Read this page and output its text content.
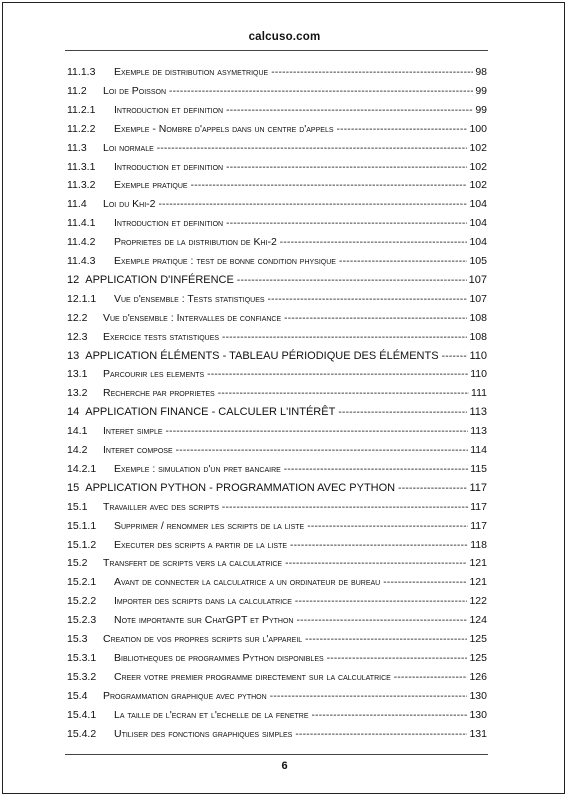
calcuso.com
11.1.3	Exemple de distribution asymetrique -----	98
11.2	Loi de Poisson -----	99
11.2.1	Introduction et definition -----	99
11.2.2	Exemple - Nombre d'appels dans un centre d'appels -----	100
11.3	Loi normale -----	102
11.3.1	Introduction et definition -----	102
11.3.2	Exemple pratique -----	102
11.4	Loi du Khi-2 -----	104
11.4.1	Introduction et definition -----	104
11.4.2	Proprietes de la distribution de Khi-2 -----	104
11.4.3	Exemple pratique : test de bonne condition physique -----	105
12 APPLICATION D'INFÉRENCE -----	107
12.1.1	Vue d'ensemble : Tests statistiques -----	107
12.2	Vue d'ensemble : Intervalles de confiance -----	108
12.3	Exercice tests statistiques -----	108
13 APPLICATION ÉLÉMENTS - TABLEAU PÉRIODIQUE DES ÉLÉMENTS -----	110
13.1	Parcourir les elements -----	110
13.2	Recherche par proprietes -----	111
14 APPLICATION FINANCE - CALCULER L'INTÉRÊT -----	113
14.1	Interet simple -----	113
14.2	Interet compose -----	114
14.2.1	Exemple : simulation d'un pret bancaire -----	115
15 APPLICATION PYTHON - PROGRAMMATION AVEC PYTHON -----	117
15.1	Travailler avec des scripts -----	117
15.1.1	Supprimer / renommer les scripts de la liste -----	117
15.1.2	Executer des scripts a partir de la liste -----	118
15.2	Transfert de scripts vers la calculatrice -----	121
15.2.1	Avant de connecter la calculatrice a un ordinateur de bureau -----	121
15.2.2	Importer des scripts dans la calculatrice -----	122
15.2.3	Note importante sur ChatGPT et Python -----	124
15.3	Creation de vos propres scripts sur l'appareil -----	125
15.3.1	Bibliotheques de programmes Python disponibles -----	125
15.3.2	Creer votre premier programme directement sur la calculatrice -----	126
15.4	Programmation graphique avec python -----	130
15.4.1	La taille de l'ecran et l'echelle de la fenetre -----	130
15.4.2	Utiliser des fonctions graphiques simples -----	131
6
